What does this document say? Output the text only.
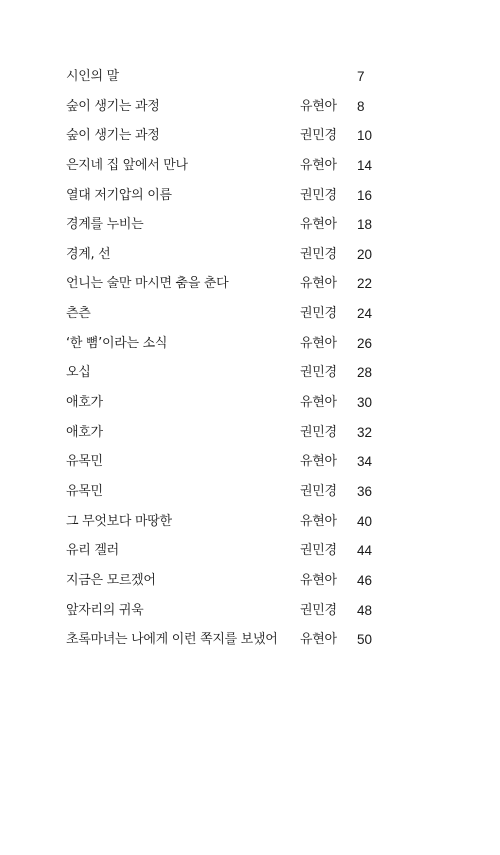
시인의 말	7
숲이 생기는 과정	유현아 8
숲이 생기는 과정	권민경 10
은지네 집 앞에서 만나	유현아 14
열대 저기압의 이름	권민경 16
경계를 누비는	유현아 18
경계, 선	권민경 20
언니는 술만 마시면 춤을 춘다	유현아 22
츤츤	권민경 24
‘한 뼘’이라는 소식	유현아 26
오십	권민경 28
애호가	유현아 30
애호가	권민경 32
유목민	유현아 34
유목민	권민경 36
그 무엇보다 마땅한	유현아 40
유리 겔러	권민경 44
지금은 모르겠어	유현아 46
앞자리의 귀욱	권민경 48
초록마녀는 나에게 이런 쪽지를 보냈어 유현아 50
